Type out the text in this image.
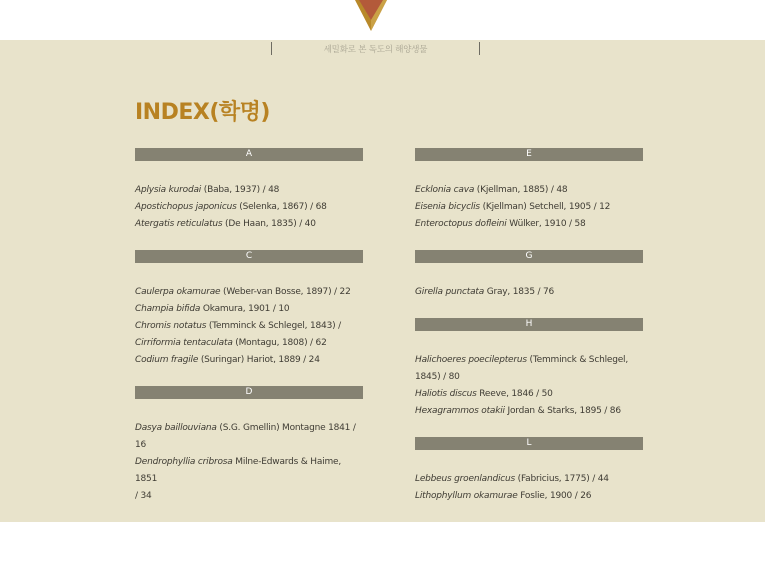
세밀화로 본 독도의 해양생물
INDEX(학명)
A
Aplysia kurodai (Baba, 1937) / 48
Apostichopus japonicus (Selenka, 1867) / 68
Atergatis reticulatus (De Haan, 1835) / 40
C
Caulerpa okamurae (Weber-van Bosse, 1897) / 22
Champia bifida Okamura, 1901 / 10
Chromis notatus (Temminck & Schlegel, 1843) /
Cirriformia tentaculata (Montagu, 1808) / 62
Codium fragile (Suringar) Hariot, 1889 / 24
D
Dasya baillouviana (S.G. Gmellin) Montagne 1841 / 16
Dendrophyllia cribrosa Milne-Edwards & Haime, 1851
/ 34
E
Ecklonia cava (Kjellman, 1885) / 48
Eisenia bicyclis (Kjellman) Setchell, 1905 / 12
Enteroctopus dofleini Wülker, 1910 / 58
G
Girella punctata Gray, 1835 / 76
H
Halichoeres poecilepterus (Temminck & Schlegel,
1845) / 80
Haliotis discus Reeve, 1846 / 50
Hexagrammos otakii Jordan & Starks, 1895 / 86
L
Lebbeus groenlandicus (Fabricius, 1775) / 44
Lithophyllum okamurae Foslie, 1900 / 26
